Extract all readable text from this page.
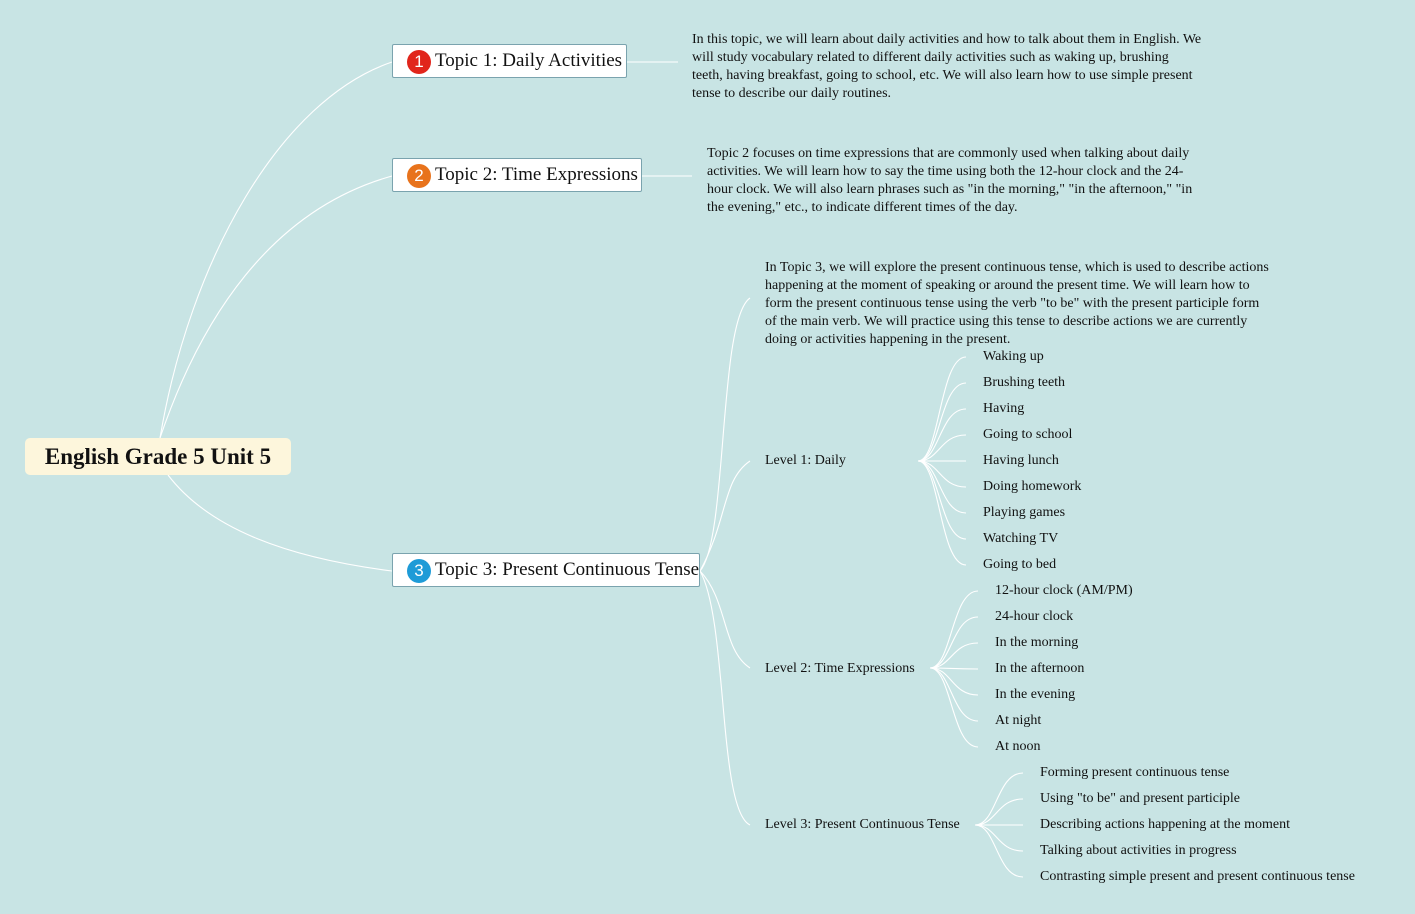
English Grade 5 Unit 5
1 Topic 1: Daily Activities
In this topic, we will learn about daily activities and how to talk about them in English. We will study vocabulary related to different daily activities such as waking up, brushing teeth, having breakfast, going to school, etc. We will also learn how to use simple present tense to describe our daily routines.
2 Topic 2: Time Expressions
Topic 2 focuses on time expressions that are commonly used when talking about daily activities. We will learn how to say the time using both the 12-hour clock and the 24-hour clock. We will also learn phrases such as "in the morning," "in the afternoon," "in the evening," etc., to indicate different times of the day.
3 Topic 3: Present Continuous Tense
In Topic 3, we will explore the present continuous tense, which is used to describe actions happening at the moment of speaking or around the present time. We will learn how to form the present continuous tense using the verb "to be" with the present participle form of the main verb. We will practice using this tense to describe actions we are currently doing or activities happening in the present.
Level 1: Daily
Level 2: Time Expressions
Level 3: Present Continuous Tense
Waking up
Brushing teeth
Having
Going to school
Having lunch
Doing homework
Playing games
Watching TV
Going to bed
12-hour clock (AM/PM)
24-hour clock
In the morning
In the afternoon
In the evening
At night
At noon
Forming present continuous tense
Using "to be" and present participle
Describing actions happening at the moment
Talking about activities in progress
Contrasting simple present and present continuous tense
